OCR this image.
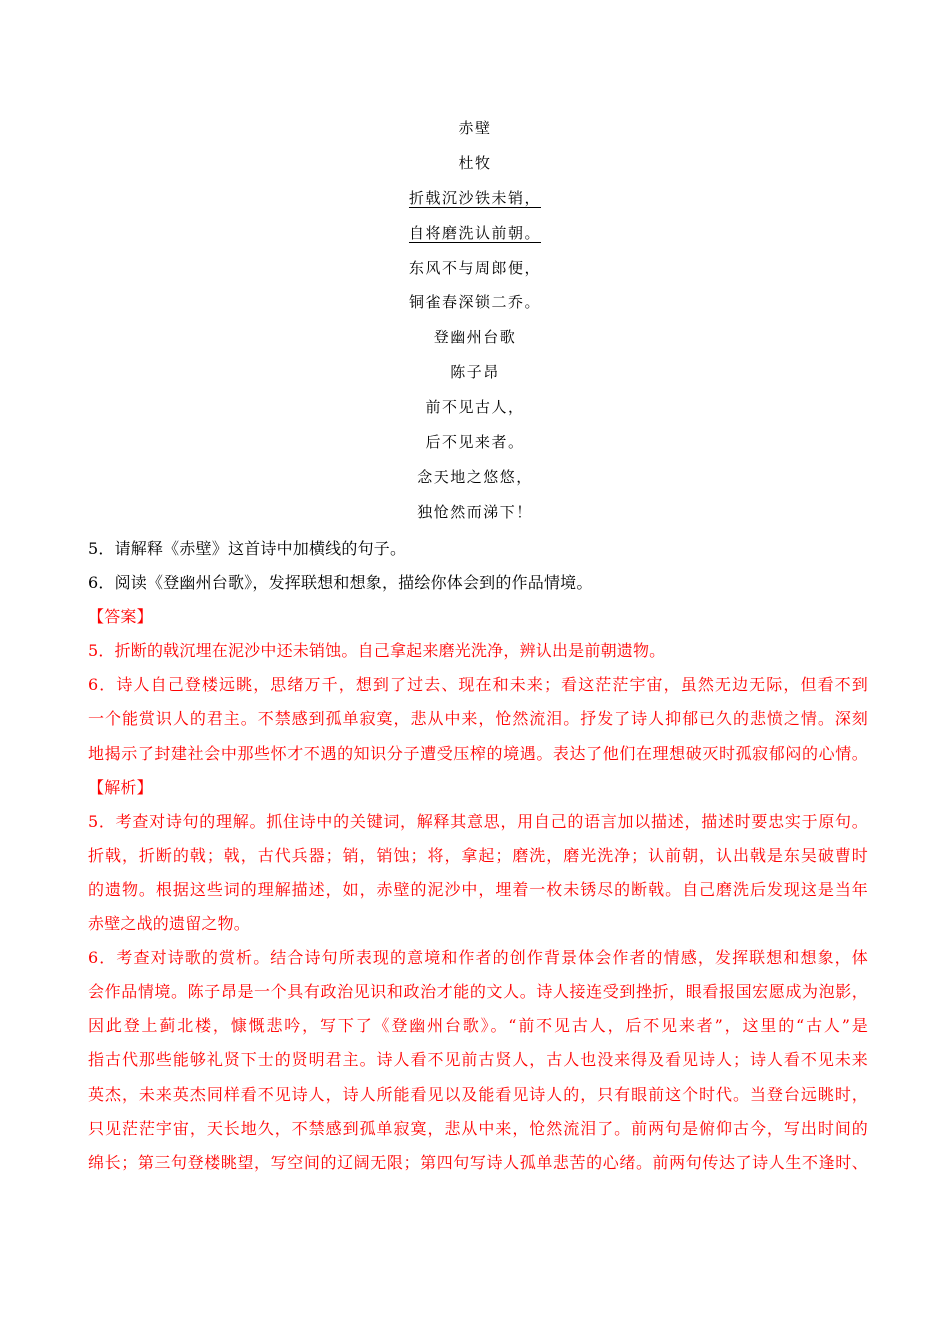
赤壁
杜牧
折戟沉沙铁未销，
自将磨洗认前朝。
东风不与周郎便，
铜雀春深锁二乔。
登幽州台歌
陈子昂
前不见古人，
后不见来者。
念天地之悠悠，
独怆然而涕下！
5．请解释《赤壁》这首诗中加横线的句子。
6．阅读《登幽州台歌》，发挥联想和想象，描绘你体会到的作品情境。
【答案】
5．折断的戟沉埋在泥沙中还未销蚀。自己拿起来磨光洗净，辨认出是前朝遗物。
6．诗人自己登楼远眺，思绪万千，想到了过去、现在和未来；看这茫茫宇宙，虽然无边无际，但看不到
一个能赏识人的君主。不禁感到孤单寂寞，悲从中来，怆然流泪。抒发了诗人抑郁已久的悲愤之情。深刻
地揭示了封建社会中那些怀才不遇的知识分子遭受压榨的境遇。表达了他们在理想破灭时孤寂郁闷的心情。
【解析】
5．考查对诗句的理解。抓住诗中的关键词，解释其意思，用自己的语言加以描述，描述时要忠实于原句。
折戟，折断的戟；戟，古代兵器；销，销蚀；将，拿起；磨洗，磨光洗净；认前朝，认出戟是东吴破曹时
的遗物。根据这些词的理解描述，如，赤壁的泥沙中，埋着一枚未锈尽的断戟。自己磨洗后发现这是当年
赤壁之战的遗留之物。
6．考查对诗歌的赏析。结合诗句所表现的意境和作者的创作背景体会作者的情感，发挥联想和想象，体
会作品情境。陈子昂是一个具有政治见识和政治才能的文人。诗人接连受到挫折，眼看报国宏愿成为泡影，
因此登上蓟北楼，慷慨悲吟，写下了《登幽州台歌》。“前不见古人，后不见来者”，这里的“古人”是
指古代那些能够礼贤下士的贤明君主。诗人看不见前古贤人，古人也没来得及看见诗人；诗人看不见未来
英杰，未来英杰同样看不见诗人，诗人所能看见以及能看见诗人的，只有眼前这个时代。当登台远眺时，
只见茫茫宇宙，天长地久，不禁感到孤单寂寞，悲从中来，怆然流泪了。前两句是俯仰古今，写出时间的
绵长；第三句登楼眺望，写空间的辽阔无限；第四句写诗人孤单悲苦的心绪。前两句传达了诗人生不逢时、
